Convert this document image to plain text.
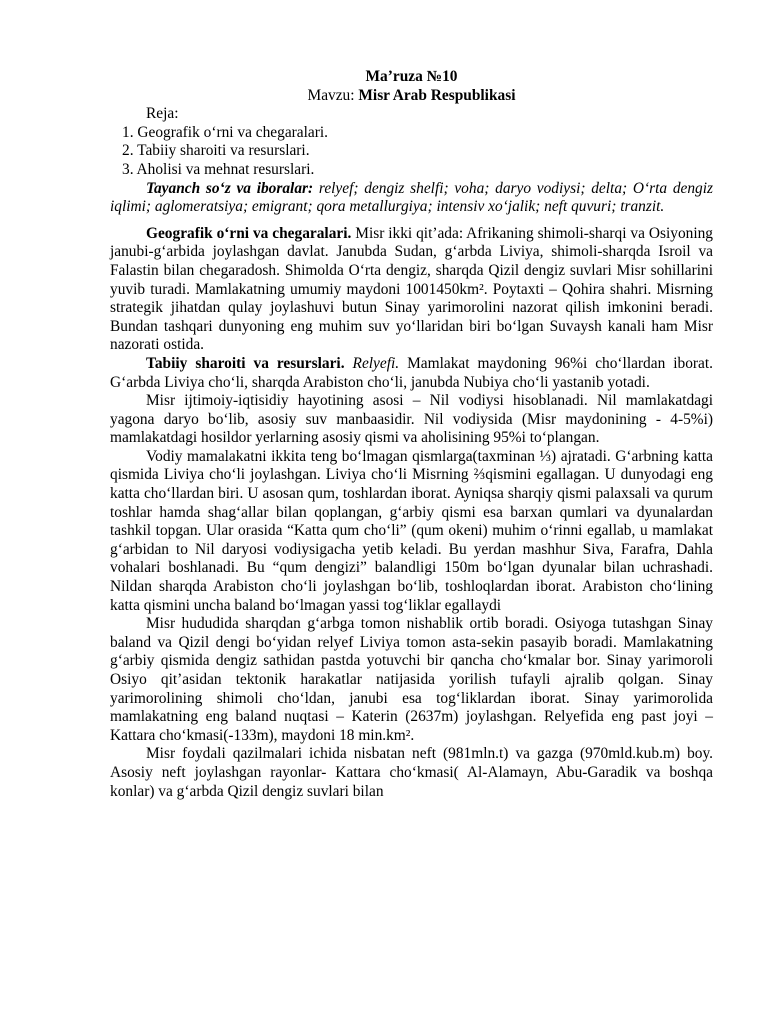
Ma’ruza №10
Mavzu: Misr Arab Respublikasi
Reja:
1. Geografik o‘rni va chegaralari.
2. Tabiiy sharoiti va resurslari.
3. Aholisi va mehnat resurslari.

Tayanch so‘z va iboralar: relyef; dengiz shelfi; voha; daryo vodiysi; delta; O‘rta dengiz iqlimi; aglomeratsiya; emigrant; qora metallurgiya; intensiv xo‘jalik; neft quvuri; tranzit.

Geografik o‘rni va chegaralari. Misr ikki qit’ada: Afrikaning shimoli-sharqi va Osiyoning janubi-g‘arbida joylashgan davlat. Janubda Sudan, g‘arbda Liviya, shimoli-sharqda Isroil va Falastin bilan chegaradosh. Shimolda O‘rta dengiz, sharqda Qizil dengiz suvlari Misr sohillarini yuvib turadi. Mamlakatning umumiy maydoni 1001450km². Poytaxti – Qohira shahri. Misrning strategik jihatdan qulay joylashuvi butun Sinay yarimorolini nazorat qilish imkonini beradi. Bundan tashqari dunyoning eng muhim suv yo‘llaridan biri bo‘lgan Suvaysh kanali ham Misr nazorati ostida.

Tabiiy sharoiti va resurslari. Relyefi. Mamlakat maydoning 96%i cho‘llardan iborat. G‘arbda Liviya cho‘li, sharqda Arabiston cho‘li, janubda Nubiya cho‘li yastanib yotadi.

Misr ijtimoiy-iqtisidiy hayotining asosi – Nil vodiysi hisoblanadi. Nil mamlakatdagi yagona daryo bo‘lib, asosiy suv manbaasidir. Nil vodiysida (Misr maydonining - 4-5%i) mamlakatdagi hosildor yerlarning asosiy qismi va aholisining 95%i to‘plangan.

Vodiy mamalakatni ikkita teng bo‘lmagan qismlarga(taxminan ⅓) ajratadi. G‘arbning katta qismida Liviya cho‘li joylashgan. Liviya cho‘li Misrning ⅔qismini egallagan. U dunyodagi eng katta cho‘llardan biri. U asosan qum, toshlardan iborat. Ayniqsa sharqiy qismi palaxsali va qurum toshlar hamda shag‘allar bilan qoplangan, g‘arbiy qismi esa barxan qumlari va dyunalardan tashkil topgan. Ular orasida “Katta qum cho‘li” (qum okeni) muhim o‘rinni egallab, u mamlakat g‘arbidan to Nil daryosi vodiysigacha yetib keladi. Bu yerdan mashhur Siva, Farafra, Dahla vohalari boshlanadi. Bu “qum dengizi” balandligi 150m bo‘lgan dyunalar bilan uchrashadi. Nildan sharqda Arabiston cho‘li joylashgan bo‘lib, toshloqlardan iborat. Arabiston cho‘lining katta qismini uncha baland bo‘lmagan yassi tog‘liklar egallaydi

Misr hududida sharqdan g‘arbga tomon nishablik ortib boradi. Osiyoga tutashgan Sinay baland va Qizil dengi bo‘yidan relyef Liviya tomon asta-sekin pasayib boradi. Mamlakatning g‘arbiy qismida dengiz sathidan pastda yotuvchi bir qancha cho‘kmalar bor. Sinay yarimoroli Osiyo qit’asidan tektonik harakatlar natijasida yorilish tufayli ajralib qolgan. Sinay yarimorolining shimoli cho‘ldan, janubi esa tog‘liklardan iborat. Sinay yarimorolida mamlakatning eng baland nuqtasi – Katerin (2637m) joylashgan. Relyefida eng past joyi – Kattara cho‘kmasi(-133m), maydoni 18 min.km².

Misr foydali qazilmalari ichida nisbatan neft (981mln.t) va gazga (970mld.kub.m) boy. Asosiy neft joylashgan rayonlar- Kattara cho‘kmasi( Al-Alamayn, Abu-Garadik va boshqa konlar) va g‘arbda Qizil dengiz suvlari bilan
